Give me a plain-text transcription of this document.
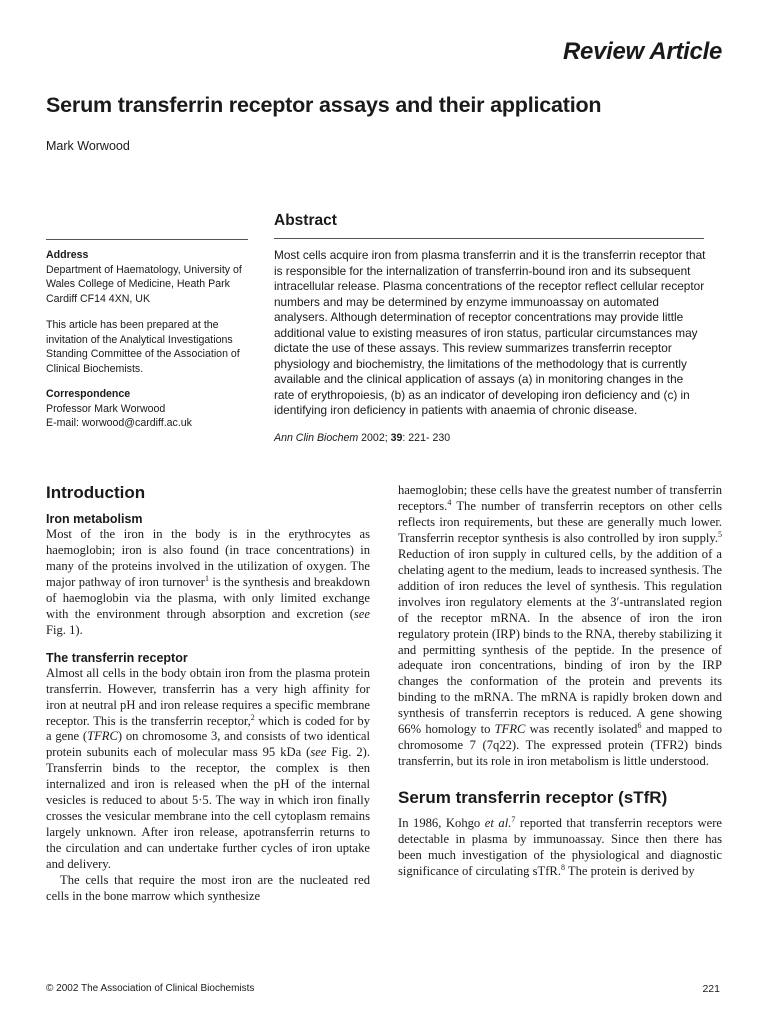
Review Article
Serum transferrin receptor assays and their application
Mark Worwood
Abstract

Address

Department of Haematology, University of Wales College of Medicine, Heath Park Cardiff CF14 4XN, UK

This article has been prepared at the invitation of the Analytical Investigations Standing Committee of the Association of Clinical Biochemists.

Correspondence

Professor Mark Worwood

E-mail: worwood@cardiff.ac.uk

Most cells acquire iron from plasma transferrin and it is the transferrin receptor that is responsible for the internalization of transferrin-bound iron and its subsequent intracellular release. Plasma concentrations of the receptor reflect cellular receptor numbers and may be determined by enzyme immunoassay on automated analysers. Although determination of receptor concentrations may provide little additional value to existing measures of iron status, particular circumstances may dictate the use of these assays. This review summarizes transferrin receptor physiology and biochemistry, the limitations of the methodology that is currently available and the clinical application of assays (a) in monitoring changes in the rate of erythropoiesis, (b) as an indicator of developing iron deficiency and (c) in identifying iron deficiency in patients with anaemia of chronic disease.
Ann Clin Biochem 2002; 39: 221- 230
Introduction
Iron metabolism

Most of the iron in the body is in the erythrocytes as haemoglobin; iron is also found (in trace concentrations) in many of the proteins involved in the utilization of oxygen. The major pathway of iron turnover$^1$ is the synthesis and breakdown of haemoglobin via the plasma, with only limited exchange with the environment through absorption and excretion (see Fig. 1).

The transferrin receptor

Almost all cells in the body obtain iron from the plasma protein transferrin. However, transferrin has a very high affinity for iron at neutral pH and iron release requires a specific membrane receptor. This is the transferrin receptor,$^2$ which is coded for by a gene (TFRC) on chromosome 3, and consists of two identical protein subunits each of molecular mass 95 kDa (see Fig. 2). Transferrin binds to the receptor, the complex is then internalized and iron is released when the pH of the internal vesicles is reduced to about 5·5. The way in which iron finally crosses the vesicular membrane into the cell cytoplasm remains largely unknown. After iron release, apotransferrin returns to the circulation and can undertake further cycles of iron uptake and delivery.

The cells that require the most iron are the nucleated red cells in the bone marrow which synthesize

haemoglobin; these cells have the greatest number of transferrin receptors.$^4$ The number of transferrin receptors on other cells reflects iron requirements, but these are generally much lower. Transferrin receptor synthesis is also controlled by iron supply.$^5$ Reduction of iron supply in cultured cells, by the addition of a chelating agent to the medium, leads to increased synthesis. The addition of iron reduces the level of synthesis. This regulation involves iron regulatory elements at the 3′-untranslated region of the receptor mRNA. In the absence of iron the iron regulatory protein (IRP) binds to the RNA, thereby stabilizing it and permitting synthesis of the peptide. In the presence of adequate iron concentrations, binding of iron by the IRP changes the conformation of the protein and prevents its binding to the mRNA. The mRNA is rapidly broken down and synthesis of transferrin receptors is reduced. A gene showing 66% homology to TFRC was recently isolated$^6$ and mapped to chromosome 7 (7q22). The expressed protein (TFR2) binds transferrin, but its role in iron metabolism is little understood.

Serum transferrin receptor (sTfR)

In 1986, Kohgo et al.$^7$ reported that transferrin receptors were detectable in plasma by immunoassay. Since then there has been much investigation of the physiological and diagnostic significance of circulating sTfR.$^8$ The protein is derived by

© 2002 The Association of Clinical Biochemists	221
